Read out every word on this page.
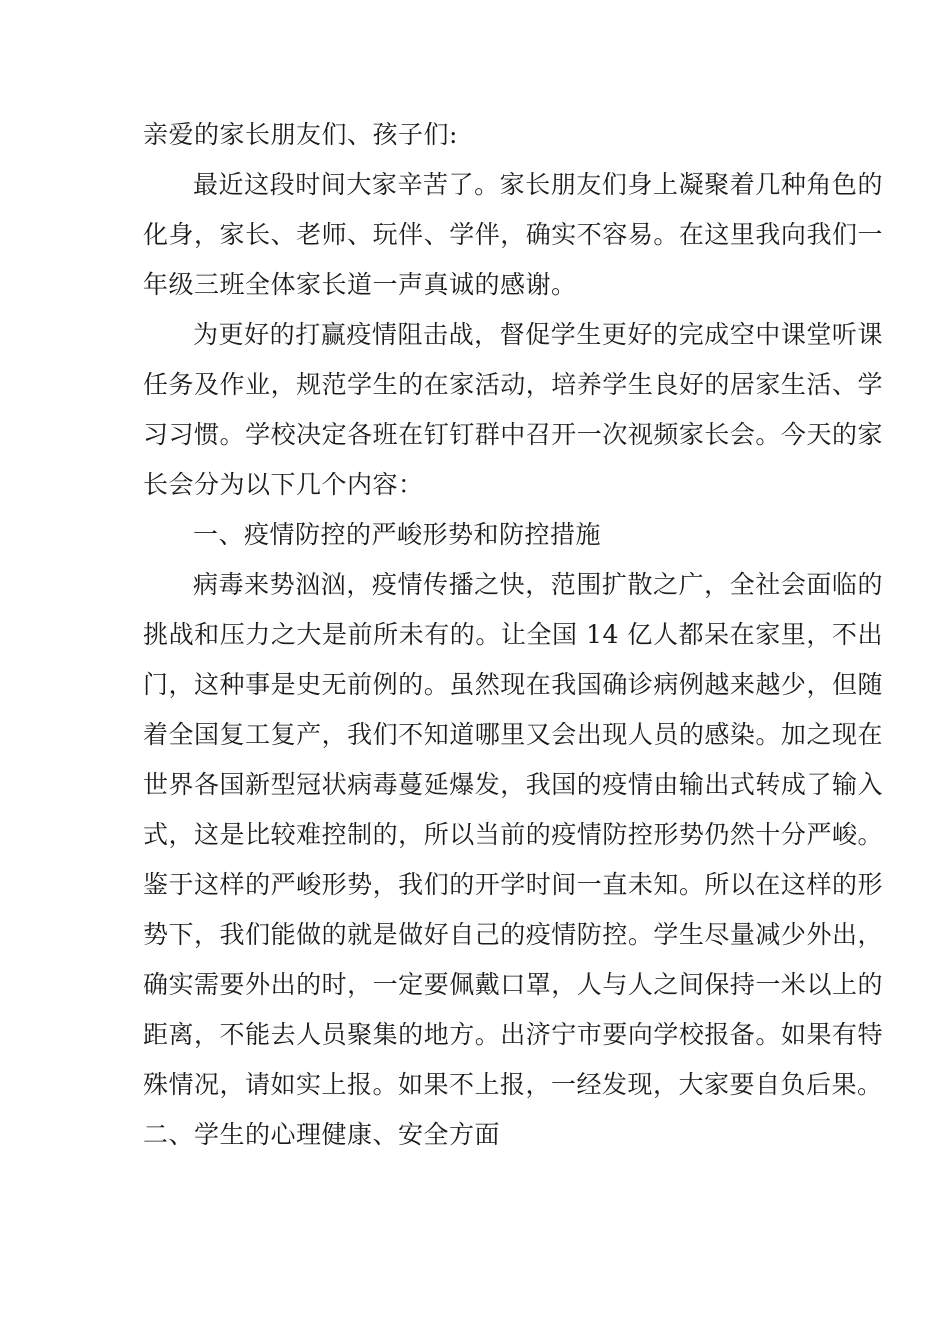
亲爱的家长朋友们、孩子们:

最近这段时间大家辛苦了。家长朋友们身上凝聚着几种角色的化身，家长、老师、玩伴、学伴，确实不容易。在这里我向我们一年级三班全体家长道一声真诚的感谢。

为更好的打赢疫情阻击战，督促学生更好的完成空中课堂听课任务及作业，规范学生的在家活动，培养学生良好的居家生活、学习习惯。学校决定各班在钉钉群中召开一次视频家长会。今天的家长会分为以下几个内容：

一、疫情防控的严峻形势和防控措施

病毒来势汹汹，疫情传播之快，范围扩散之广，全社会面临的挑战和压力之大是前所未有的。让全国 14 亿人都呆在家里，不出门，这种事是史无前例的。虽然现在我国确诊病例越来越少，但随着全国复工复产，我们不知道哪里又会出现人员的感染。加之现在世界各国新型冠状病毒蔓延爆发，我国的疫情由输出式转成了输入式，这是比较难控制的，所以当前的疫情防控形势仍然十分严峻。鉴于这样的严峻形势，我们的开学时间一直未知。所以在这样的形势下，我们能做的就是做好自己的疫情防控。学生尽量减少外出，确实需要外出的时，一定要佩戴口罩，人与人之间保持一米以上的距离，不能去人员聚集的地方。出济宁市要向学校报备。如果有特殊情况，请如实上报。如果不上报，一经发现，大家要自负后果。

二、学生的心理健康、安全方面
